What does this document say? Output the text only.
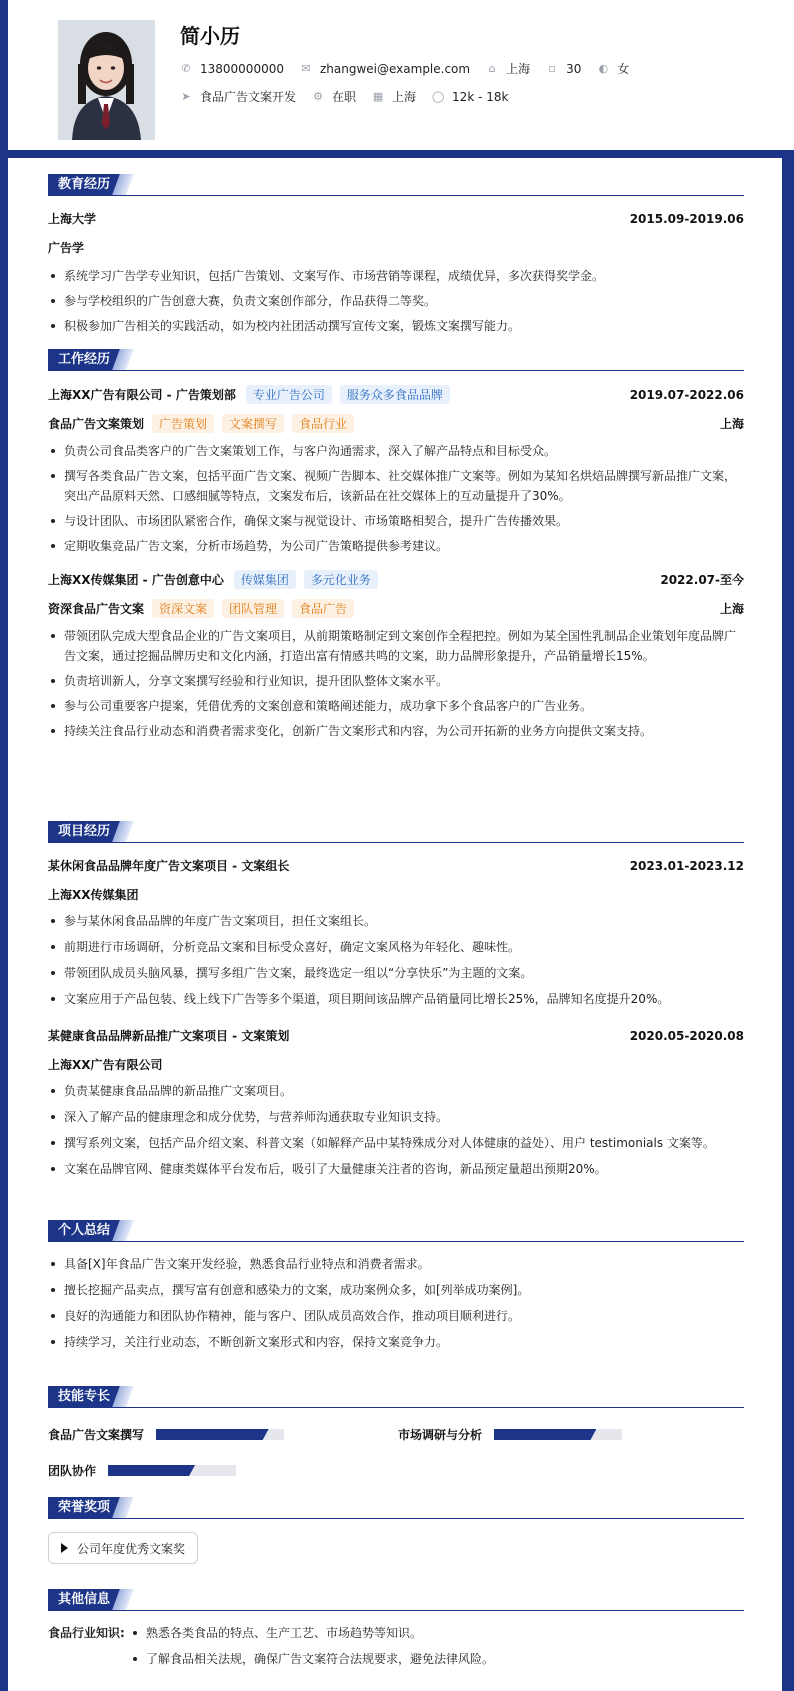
简小历
✆ 13800000000 ✉ zhangwei@example.com ⌂ 上海 ▫ 30 ◐ 女
➤ 食品广告文案开发 ⚙ 在职 ▦ 上海 ◯ 12k - 18k
教育经历
上海大学	2015.09-2019.06
广告学
系统学习广告学专业知识，包括广告策划、文案写作、市场营销等课程，成绩优异，多次获得奖学金。
参与学校组织的广告创意大赛，负责文案创作部分，作品获得二等奖。
积极参加广告相关的实践活动，如为校内社团活动撰写宣传文案，锻炼文案撰写能力。
工作经历
上海XX广告有限公司 - 广告策划部	专业广告公司	服务众多食品品牌	2019.07-2022.06
食品广告文案策划	广告策划	文案撰写	食品行业	上海
负责公司食品类客户的广告文案策划工作，与客户沟通需求，深入了解产品特点和目标受众。
撰写各类食品广告文案，包括平面广告文案、视频广告脚本、社交媒体推广文案等。例如为某知名烘焙品牌撰写新品推广文案，突出产品原料天然、口感细腻等特点，文案发布后，该新品在社交媒体上的互动量提升了30%。
与设计团队、市场团队紧密合作，确保文案与视觉设计、市场策略相契合，提升广告传播效果。
定期收集竞品广告文案，分析市场趋势，为公司广告策略提供参考建议。
上海XX传媒集团 - 广告创意中心	传媒集团	多元化业务	2022.07-至今
资深食品广告文案	资深文案	团队管理	食品广告	上海
带领团队完成大型食品企业的广告文案项目，从前期策略制定到文案创作全程把控。例如为某全国性乳制品企业策划年度品牌广告文案，通过挖掘品牌历史和文化内涵，打造出富有情感共鸣的文案，助力品牌形象提升，产品销量增长15%。
负责培训新人，分享文案撰写经验和行业知识，提升团队整体文案水平。
参与公司重要客户提案，凭借优秀的文案创意和策略阐述能力，成功拿下多个食品客户的广告业务。
持续关注食品行业动态和消费者需求变化，创新广告文案形式和内容，为公司开拓新的业务方向提供文案支持。
项目经历
某休闲食品品牌年度广告文案项目 - 文案组长	2023.01-2023.12
上海XX传媒集团
参与某休闲食品品牌的年度广告文案项目，担任文案组长。
前期进行市场调研，分析竞品文案和目标受众喜好，确定文案风格为年轻化、趣味性。
带领团队成员头脑风暴，撰写多组广告文案，最终选定一组以“分享快乐”为主题的文案。
文案应用于产品包装、线上线下广告等多个渠道，项目期间该品牌产品销量同比增长25%，品牌知名度提升20%。
某健康食品品牌新品推广文案项目 - 文案策划	2020.05-2020.08
上海XX广告有限公司
负责某健康食品品牌的新品推广文案项目。
深入了解产品的健康理念和成分优势，与营养师沟通获取专业知识支持。
撰写系列文案，包括产品介绍文案、科普文案（如解释产品中某特殊成分对人体健康的益处）、用户 testimonials 文案等。
文案在品牌官网、健康类媒体平台发布后，吸引了大量健康关注者的咨询，新品预定量超出预期20%。
个人总结
具备[X]年食品广告文案开发经验，熟悉食品行业特点和消费者需求。
擅长挖掘产品卖点，撰写富有创意和感染力的文案，成功案例众多，如[列举成功案例]。
良好的沟通能力和团队协作精神，能与客户、团队成员高效合作，推动项目顺利进行。
持续学习，关注行业动态，不断创新文案形式和内容，保持文案竞争力。
技能专长
食品广告文案撰写	市场调研与分析
团队协作
荣誉奖项
公司年度优秀文案奖
其他信息
食品行业知识:	熟悉各类食品的特点、生产工艺、市场趋势等知识。
了解食品相关法规，确保广告文案符合法规要求，避免法律风险。
